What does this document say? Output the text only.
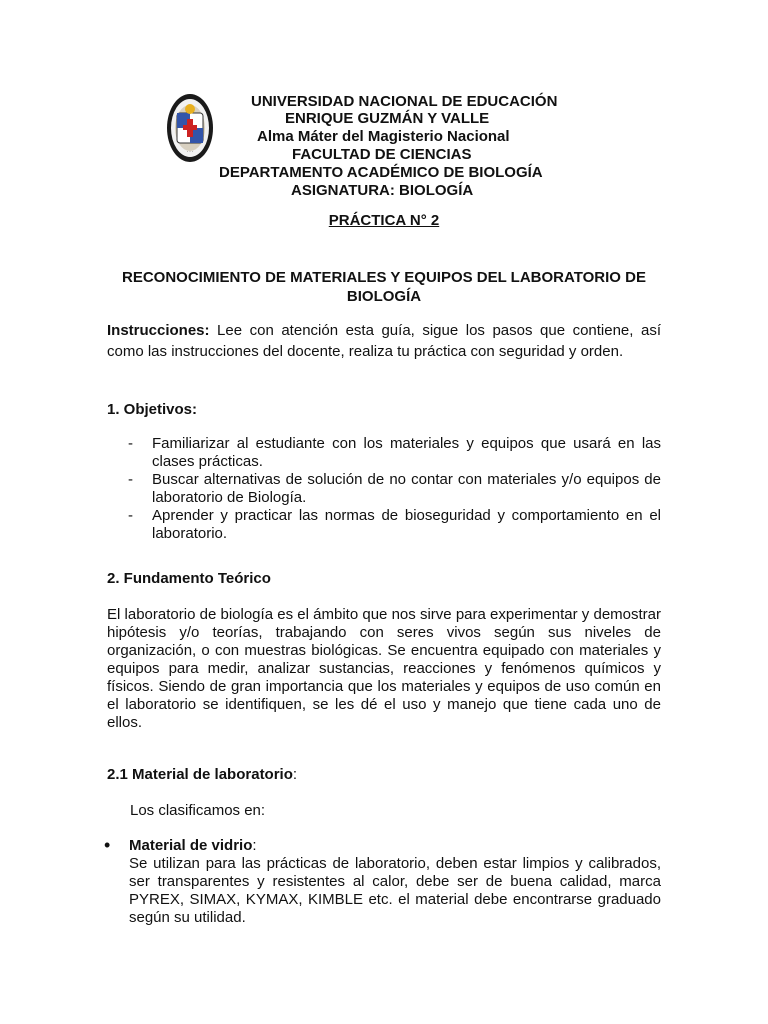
· · ·
UNIVERSIDAD NACIONAL DE EDUCACIÓN
ENRIQUE GUZMÁN Y VALLE
Alma Máter del Magisterio Nacional
FACULTAD DE CIENCIAS
DEPARTAMENTO ACADÉMICO DE BIOLOGÍA
ASIGNATURA: BIOLOGÍA
PRÁCTICA N° 2
RECONOCIMIENTO DE MATERIALES Y EQUIPOS DEL LABORATORIO DE BIOLOGÍA
Instrucciones: Lee con atención esta guía, sigue los pasos que contiene, así como las instrucciones del docente, realiza tu práctica con seguridad y orden.
1. Objetivos:
- Familiarizar al estudiante con los materiales y equipos que usará en las clases prácticas.
- Buscar alternativas de solución de no contar con materiales y/o equipos de laboratorio de Biología.
- Aprender y practicar las normas de bioseguridad y comportamiento en el laboratorio.
2. Fundamento Teórico
El laboratorio de biología es el ámbito que nos sirve para experimentar y demostrar hipótesis y/o teorías, trabajando con seres vivos según sus niveles de organización, o con muestras biológicas. Se encuentra equipado con materiales y equipos para medir, analizar sustancias, reacciones y fenómenos químicos y físicos. Siendo de gran importancia que los materiales y equipos de uso común en el laboratorio se identifiquen, se les dé el uso y manejo que tiene cada uno de ellos.
2.1 Material de laboratorio:
Los clasificamos en:
• Material de vidrio:
Se utilizan para las prácticas de laboratorio, deben estar limpios y calibrados, ser transparentes y resistentes al calor, debe ser de buena calidad, marca PYREX, SIMAX, KYMAX, KIMBLE etc. el material debe encontrarse graduado según su utilidad.
